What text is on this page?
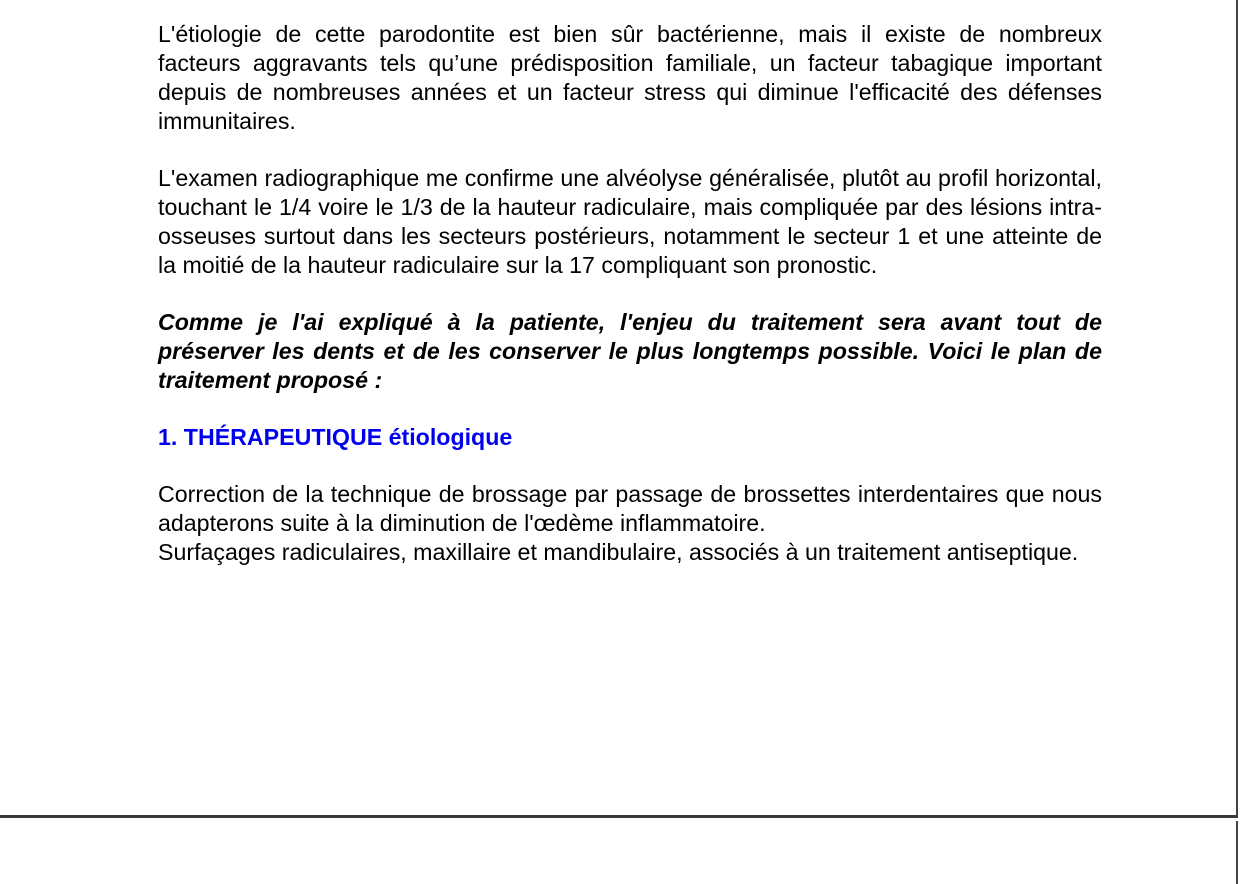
L'étiologie de cette parodontite est bien sûr bactérienne, mais il existe de nombreux facteurs aggravants tels qu’une prédisposition familiale, un facteur tabagique important depuis de nombreuses années et un facteur stress qui diminue l'efficacité des défenses immunitaires.

L'examen radiographique me confirme une alvéolyse généralisée, plutôt au profil horizontal, touchant le 1/4 voire le 1/3 de la hauteur radiculaire, mais compliquée par des lésions intra-osseuses surtout dans les secteurs postérieurs, notamment le secteur 1 et une atteinte de la moitié de la hauteur radiculaire sur la 17 compliquant son pronostic.

Comme je l'ai expliqué à la patiente, l'enjeu du traitement sera avant tout de préserver les dents et de les conserver le plus longtemps possible. Voici le plan de traitement proposé :

1. THÉRAPEUTIQUE étiologique

Correction de la technique de brossage par passage de brossettes interdentaires que nous adapterons suite à la diminution de l'œdème inflammatoire.

Surfaçages radiculaires, maxillaire et mandibulaire, associés à un traitement antiseptique.
